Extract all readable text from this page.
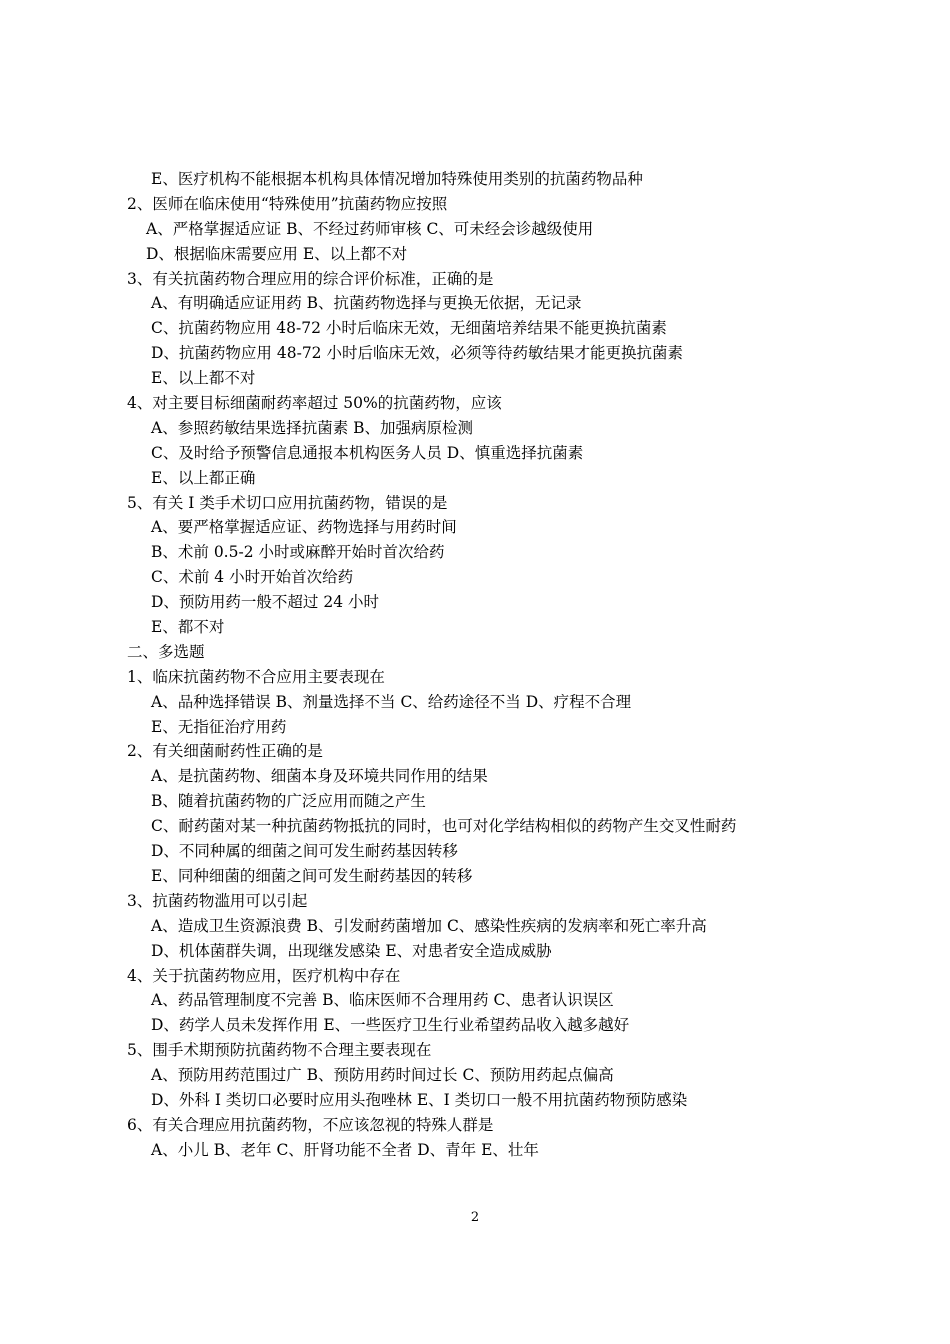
E、医疗机构不能根据本机构具体情况增加特殊使用类别的抗菌药物品种
2、医师在临床使用“特殊使用”抗菌药物应按照
A、严格掌握适应证 B、不经过药师审核 C、可未经会诊越级使用
D、根据临床需要应用 E、以上都不对
3、有关抗菌药物合理应用的综合评价标准，正确的是
A、有明确适应证用药 B、抗菌药物选择与更换无依据，无记录
C、抗菌药物应用 48-72 小时后临床无效，无细菌培养结果不能更换抗菌素
D、抗菌药物应用 48-72 小时后临床无效，必须等待药敏结果才能更换抗菌素
E、以上都不对
4、对主要目标细菌耐药率超过 50%的抗菌药物，应该
A、参照药敏结果选择抗菌素 B、加强病原检测
C、及时给予预警信息通报本机构医务人员 D、慎重选择抗菌素
E、以上都正确
5、有关 I 类手术切口应用抗菌药物，错误的是
A、要严格掌握适应证、药物选择与用药时间
B、术前 0.5-2 小时或麻醉开始时首次给药
C、术前 4 小时开始首次给药
D、预防用药一般不超过 24 小时
E、都不对
二、多选题
1、临床抗菌药物不合应用主要表现在
A、品种选择错误 B、剂量选择不当 C、给药途径不当 D、疗程不合理
E、无指征治疗用药
2、有关细菌耐药性正确的是
A、是抗菌药物、细菌本身及环境共同作用的结果
B、随着抗菌药物的广泛应用而随之产生
C、耐药菌对某一种抗菌药物抵抗的同时，也可对化学结构相似的药物产生交叉性耐药
D、不同种属的细菌之间可发生耐药基因转移
E、同种细菌的细菌之间可发生耐药基因的转移
3、抗菌药物滥用可以引起
A、造成卫生资源浪费 B、引发耐药菌增加 C、感染性疾病的发病率和死亡率升高
D、机体菌群失调，出现继发感染 E、对患者安全造成威胁
4、关于抗菌药物应用，医疗机构中存在
A、药品管理制度不完善 B、临床医师不合理用药 C、患者认识误区
D、药学人员未发挥作用 E、一些医疗卫生行业希望药品收入越多越好
5、围手术期预防抗菌药物不合理主要表现在
A、预防用药范围过广 B、预防用药时间过长 C、预防用药起点偏高
D、外科 I 类切口必要时应用头孢唑林 E、I 类切口一般不用抗菌药物预防感染
6、有关合理应用抗菌药物，不应该忽视的特殊人群是
A、小儿 B、老年 C、肝肾功能不全者 D、青年 E、壮年
2
